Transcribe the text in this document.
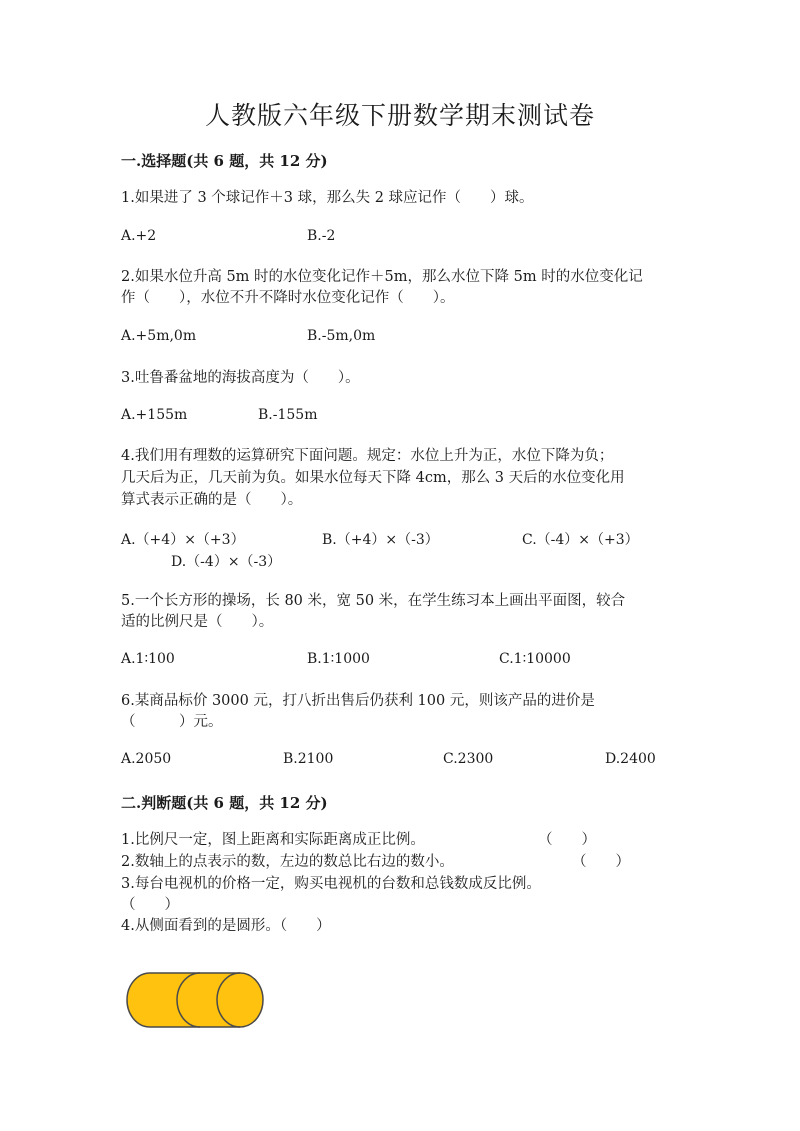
人教版六年级下册数学期末测试卷
一.选择题(共 6 题，共 12 分)
1.如果进了 3 个球记作＋3 球，那么失 2 球应记作（　　）球。
A.+2	B.-2
2.如果水位升高 5m 时的水位变化记作＋5m，那么水位下降 5m 时的水位变化记
作（　　），水位不升不降时水位变化记作（　　）。
A.+5m,0m	B.-5m,0m
3.吐鲁番盆地的海拔高度为（　　）。
A.+155m	B.-155m
4.我们用有理数的运算研究下面问题。规定：水位上升为正，水位下降为负；
几天后为正，几天前为负。如果水位每天下降 4cm，那么 3 天后的水位变化用
算式表示正确的是（　　）。
A.（+4）×（+3）	B.（+4）×（-3）	C.（-4）×（+3）
D.（-4）×（-3）
5.一个长方形的操场，长 80 米，宽 50 米，在学生练习本上画出平面图，较合
适的比例尺是（　　）。
A.1∶100	B.1∶1000	C.1∶10000
6.某商品标价 3000 元，打八折出售后仍获利 100 元，则该产品的进价是
（　　　）元。
A.2050	B.2100	C.2300	D.2400
二.判断题(共 6 题，共 12 分)
1.比例尺一定，图上距离和实际距离成正比例。	（　　）
2.数轴上的点表示的数，左边的数总比右边的数小。	（　　）
3.每台电视机的价格一定，购买电视机的台数和总钱数成反比例。
（　　）
4.从侧面看到的是圆形。（　　）
